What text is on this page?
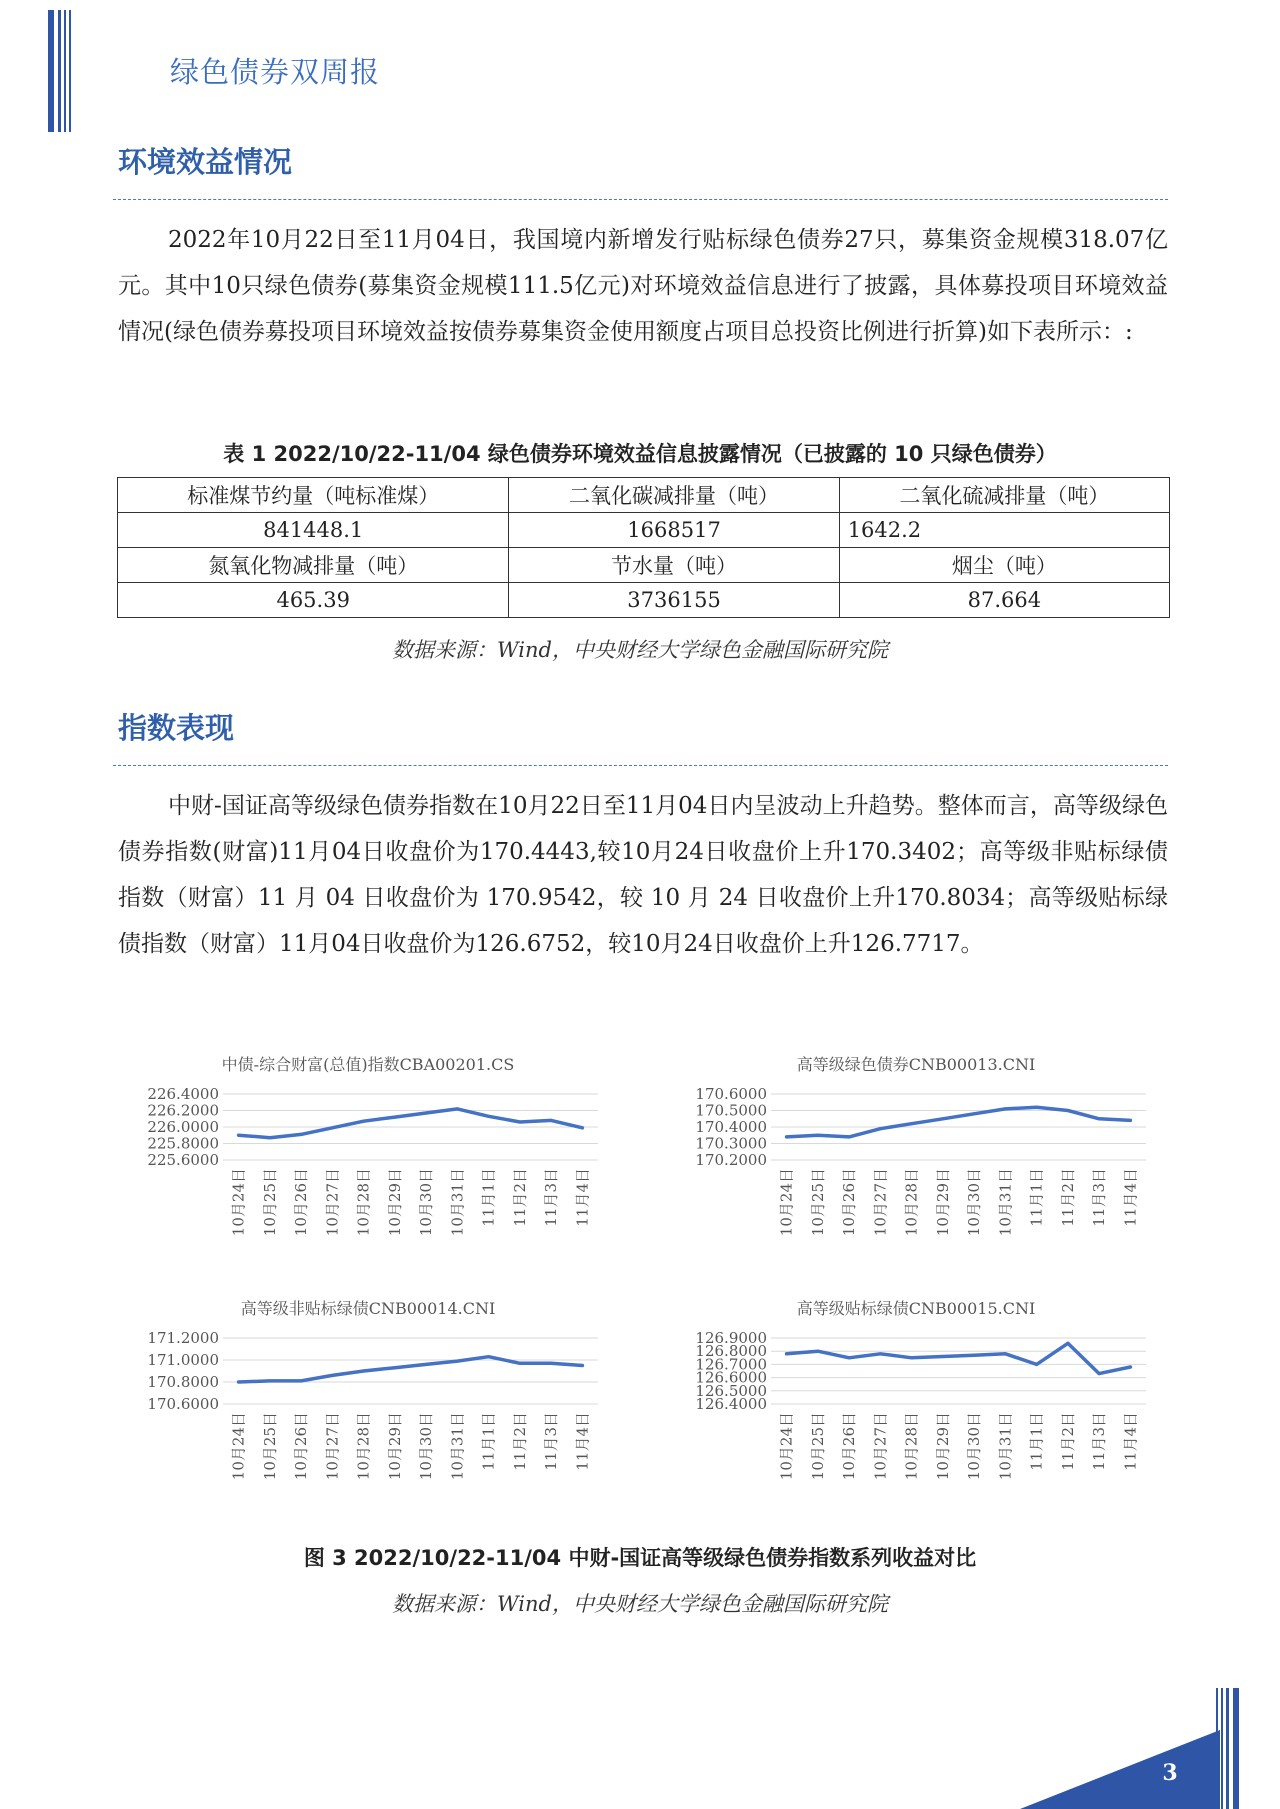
绿色债券双周报
环境效益情况

2022年10月22日至11月04日，我国境内新增发行贴标绿色债券27只，募集资金规模318.07亿元。其中10只绿色债券(募集资金规模111.5亿元)对环境效益信息进行了披露，具体募投项目环境效益情况(绿色债券募投项目环境效益按债券募集资金使用额度占项目总投资比例进行折算)如下表所示：:

表 1 2022/10/22-11/04 绿色债券环境效益信息披露情况（已披露的 10 只绿色债券）
标准煤节约量（吨标准煤）	二氧化碳减排量（吨）	二氧化硫减排量（吨）
841448.1	1668517	1642.2
氮氧化物减排量（吨）	节水量（吨）	烟尘（吨）
465.39	3736155	87.664
数据来源：Wind，中央财经大学绿色金融国际研究院
指数表现

中财-国证高等级绿色债券指数在10月22日至11月04日内呈波动上升趋势。整体而言，高等级绿色债券指数(财富)11月04日收盘价为170.4443,较10月24日收盘价上升170.3402；高等级非贴标绿债指数（财富）11 月 04 日收盘价为 170.9542，较 10 月 24 日收盘价上升170.8034；高等级贴标绿债指数（财富）11月04日收盘价为126.6752，较10月24日收盘价上升126.7717。

中债-综合财富(总值)指数CBA00201.CS
226.4000
226.2000
226.0000
225.8000
225.6000
10月24日 10月25日 10月26日 10月27日 10月28日 10月29日 10月30日 10月31日 11月1日 11月2日 11月3日 11月4日
高等级绿色债券CNB00013.CNI
170.6000
170.5000
170.4000
170.3000
170.2000
10月24日 10月25日 10月26日 10月27日 10月28日 10月29日 10月30日 10月31日 11月1日 11月2日 11月3日 11月4日
高等级非贴标绿债CNB00014.CNI
171.2000
171.0000
170.8000
170.6000
10月24日 10月25日 10月26日 10月27日 10月28日 10月29日 10月30日 10月31日 11月1日 11月2日 11月3日 11月4日
高等级贴标绿债CNB00015.CNI
126.9000
126.8000
126.7000
126.6000
126.5000
126.4000
10月24日 10月25日 10月26日 10月27日 10月28日 10月29日 10月30日 10月31日 11月1日 11月2日 11月3日 11月4日
图 3 2022/10/22-11/04 中财-国证高等级绿色债券指数系列收益对比
数据来源：Wind，中央财经大学绿色金融国际研究院
3
